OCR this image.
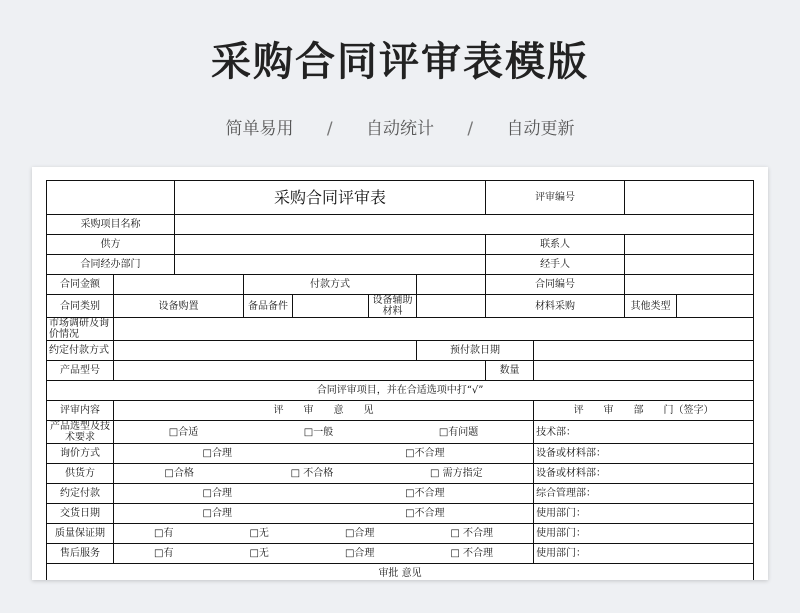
采购合同评审表模版
简单易用 / 自动统计 / 自动更新
		采购合同评审表					评审编号			
采购项目名称										
供方							联系人			
合同经办部门							经手人			
合同金额			付款方式				合同编号			
合同类别	设备购置		备品备件		设备辅助材料		材料采购		其他类型	
市场调研及询价情况										
约定付款方式						预付款日期				
产品型号							数量			
合同评审项目，并在合适选项中打“√”										
评审内容	评　　审　　意　　见							评　　审　　部　　门（签字）		
产品选型及技术要求	□合适 □一般 □有问题							技术部：		
询价方式	□合理 □不合理							设备或材料部：		
供货方	□合格 □ 不合格 □ 需方指定							设备或材料部：		
约定付款	□合理 □不合理							综合管理部：		
交货日期	□合理 □不合理							使用部门：		
质量保证期	□有 □无 □合理 □ 不合理							使用部门：		
售后服务	□有 □无 □合理 □ 不合理							使用部门：		
审批 意见										
